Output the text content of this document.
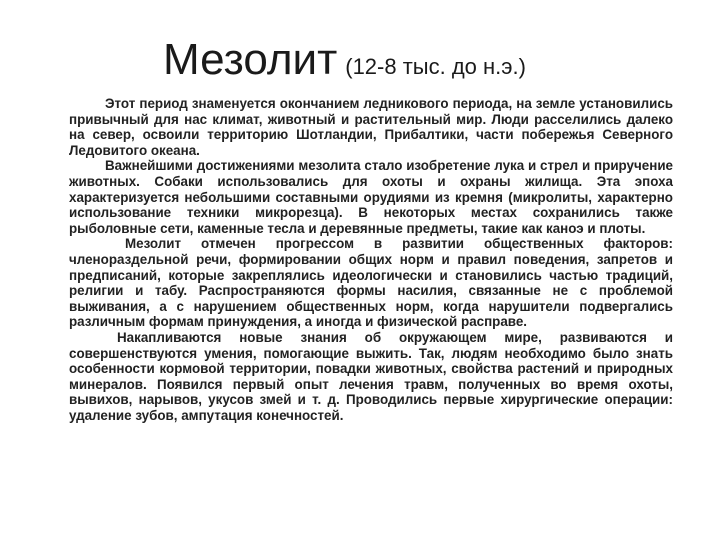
Мезолит (12-8 тыс. до н.э.)

Этот период знаменуется окончанием ледникового периода, на земле установились привычный для нас климат, животный и растительный мир. Люди расселились далеко на север, освоили территорию Шотландии, Прибалтики, части побережья Северного Ледовитого океана.

Важнейшими достижениями мезолита стало изобретение лука и стрел и приручение животных. Собаки использовались для охоты и охраны жилища. Эта эпоха характеризуется небольшими составными орудиями из кремня (микролиты, характерно использование техники микрорезца). В некоторых местах сохранились также рыболовные сети, каменные тесла и деревянные предметы, такие как каноэ и плоты.

Мезолит отмечен прогрессом в развитии общественных факторов: членораздельной речи, формировании общих норм и правил поведения, запретов и предписаний, которые закреплялись идеологически и становились частью традиций, религии и табу. Распространяются формы насилия, связанные не с проблемой выживания, а с нарушением общественных норм, когда нарушители подвергались различным формам принуждения, а иногда и физической расправе.

Накапливаются новые знания об окружающем мире, развиваются и совершенствуются умения, помогающие выжить. Так, людям необходимо было знать особенности кормовой территории, повадки животных, свойства растений и природных минералов. Появился первый опыт лечения травм, полученных во время охоты, вывихов, нарывов, укусов змей и т. д. Проводились первые хирургические операции: удаление зубов, ампутация конечностей.
